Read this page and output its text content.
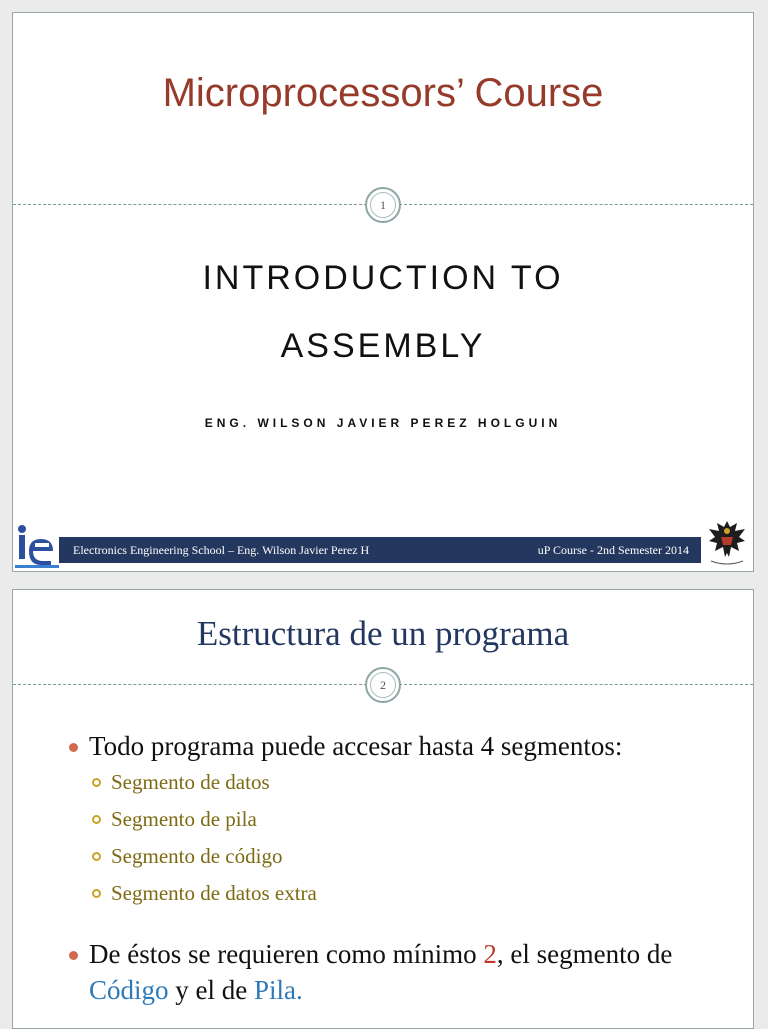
Microprocessors’ Course
1
INTRODUCTION TO
ASSEMBLY
ENG. WILSON JAVIER PEREZ HOLGUIN
Electronics Engineering School – Eng. Wilson Javier Perez H	uP Course - 2nd Semester 2014
Estructura de un programa
2
Todo programa puede accesar hasta 4 segmentos:
Segmento de datos
Segmento de pila
Segmento de código
Segmento de datos extra
De éstos se requieren como mínimo 2, el segmento de Código y el de Pila.
